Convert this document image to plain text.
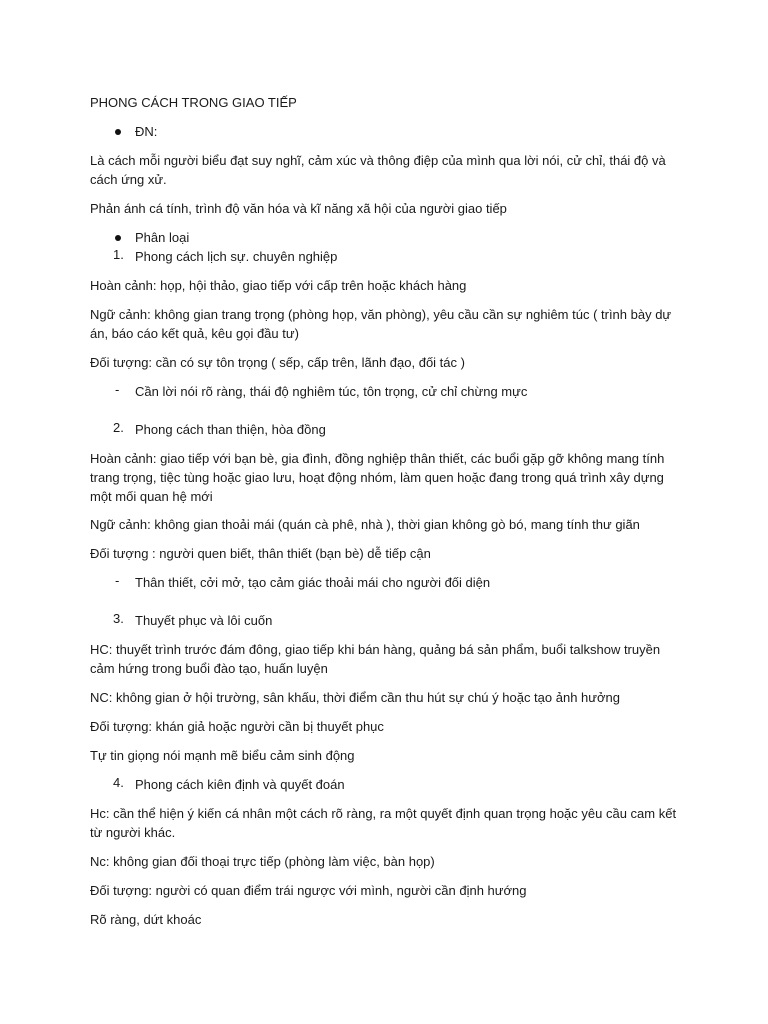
PHONG CÁCH TRONG GIAO TIẾP
ĐN:
Là cách mỗi người biểu đạt suy nghĩ, cảm xúc và thông điệp của mình qua lời nói, cử chỉ, thái độ và cách ứng xử.
Phản ánh cá tính, trình độ văn hóa và kĩ năng xã hội của người giao tiếp
Phân loại
1. Phong cách lịch sự. chuyên nghiệp
Hoàn cảnh: họp, hội thảo, giao tiếp với cấp trên hoặc khách hàng
Ngữ cảnh: không gian trang trọng (phòng họp, văn phòng), yêu cầu cần sự nghiêm túc ( trình bày dự án, báo cáo kết quả, kêu gọi đầu tư)
Đối tượng: cần có sự tôn trọng ( sếp, cấp trên, lãnh đạo, đối tác )
- Cần lời nói rõ ràng, thái độ nghiêm túc, tôn trọng, cử chỉ chừng mực
2. Phong cách than thiện, hòa đồng
Hoàn cảnh: giao tiếp với bạn bè, gia đình, đồng nghiệp thân thiết, các buổi gặp gỡ không mang tính trang trọng, tiệc tùng hoặc giao lưu, hoạt động nhóm, làm quen hoặc đang trong quá trình xây dựng một mối quan hệ mới
Ngữ cảnh: không gian thoải mái (quán cà phê, nhà ), thời gian không gò bó, mang tính thư giãn
Đối tượng : người quen biết, thân thiết (bạn bè) dễ tiếp cận
- Thân thiết, cởi mở, tạo cảm giác thoải mái cho người đối diện
3. Thuyết phục và lôi cuốn
HC: thuyết trình trước đám đông, giao tiếp khi bán hàng, quảng bá sản phẩm, buổi talkshow truyền cảm hứng trong buổi đào tạo, huấn luyện
NC: không gian ở hội trường, sân khấu, thời điểm cần thu hút sự chú ý hoặc tạo ảnh hưởng
Đối tượng: khán giả hoặc người cần bị thuyết phục
Tự tin giọng nói mạnh mẽ biểu cảm sinh động
4. Phong cách kiên định và quyết đoán
Hc: cần thể hiện ý kiến cá nhân một cách rõ ràng, ra một quyết định quan trọng hoặc yêu cầu cam kết từ người khác.
Nc: không gian đối thoại trực tiếp (phòng làm việc, bàn họp)
Đối tượng: người có quan điểm trái ngược với mình, người cần định hướng
Rõ ràng, dứt khoác
